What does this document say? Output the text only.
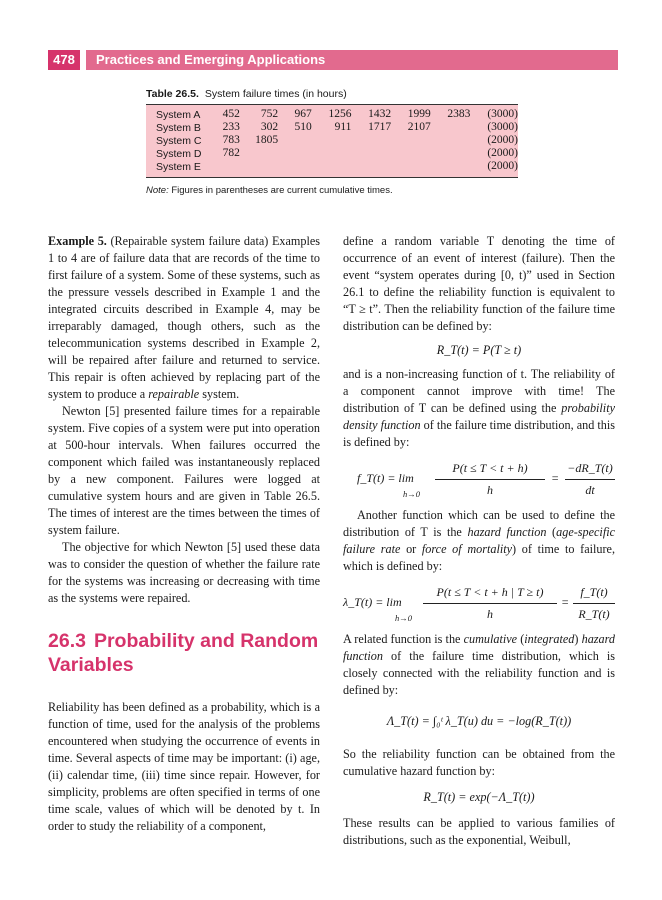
478	Practices and Emerging Applications
Table 26.5. System failure times (in hours)
System A	452	752	967	1256	1432	1999	2383	(3000)
System B	233	302	510	911	1717	2107		(3000)
System C	783	1805						(2000)
System D	782							(2000)
System E								(2000)
Note: Figures in parentheses are current cumulative times.

Example 5. (Repairable system failure data) Examples 1 to 4 are of failure data that are records of the time to first failure of a system. Some of these systems, such as the pressure vessels described in Example 1 and the integrated circuits described in Example 4, may be irreparably damaged, though others, such as the telecommunication systems described in Example 2, will be repaired after failure and returned to service. This repair is often achieved by replacing part of the system to produce a repairable system.

Newton [5] presented failure times for a repairable system. Five copies of a system were put into operation at 500-hour intervals. When failures occurred the component which failed was instantaneously replaced by a new component. Failures were logged at cumulative system hours and are given in Table 26.5. The times of interest are the times between the times of system failure.

The objective for which Newton [5] used these data was to consider the question of whether the failure rate for the systems was increasing or decreasing with time as the systems were repaired.

26.3 Probability and Random Variables

Reliability has been defined as a probability, which is a function of time, used for the analysis of the problems encountered when studying the occurrence of events in time. Several aspects of time may be important: (i) age, (ii) calendar time, (iii) time since repair. However, for simplicity, problems are often specified in terms of one time scale, values of which will be denoted by t. In order to study the reliability of a component,

define a random variable T denoting the time of occurrence of an event of interest (failure). Then the event “system operates during [0, t)” used in Section 26.1 to define the reliability function is equivalent to “T ≥ t”. Then the reliability function of the failure time distribution can be defined by:

R_T(t) = P(T ≥ t)

and is a non-increasing function of t. The reliability of a component cannot improve with time! The distribution of T can be defined using the probability density function of the failure time distribution, and this is defined by:

f_T(t) = lim
$h\to 0 \frac{P(t \le T < t + h)}{h} = \frac{-dR\_T(t)}{dt}$

Another function which can be used to define the distribution of T is the hazard function (age-specific failure rate or force of mortality) of time to failure, which is defined by:

λ_T(t) = lim
$h\to 0 \frac{P(t \le T < t + h | T \ge t)}{h} = \frac{f\_T(t)}{R\_T(t)}$

A related function is the cumulative (integrated) hazard function of the failure time distribution, which is closely connected with the reliability function and is defined by:

Λ_T(t) = ∫₀ᵗ λ_T(u) du = −log(R_T(t))

So the reliability function can be obtained from the cumulative hazard function by:

R_T(t) = exp(−Λ_T(t))

These results can be applied to various families of distributions, such as the exponential, Weibull,
